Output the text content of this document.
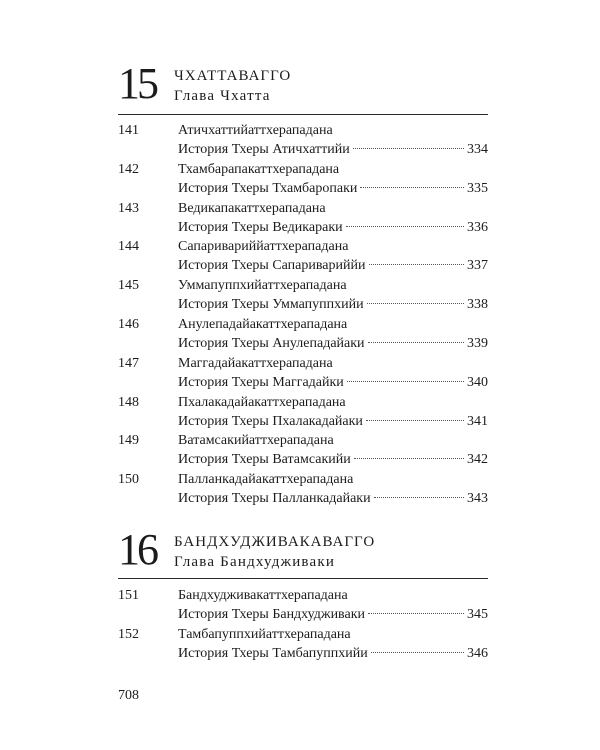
15 ЧХАТТАВАГГО
Глава Чхатта
141	Атичхаттийаттхерападана
История Тхеры Атичхаттийи	334
142	Тхамбарапакаттхерападана
История Тхеры Тхамбаропаки	335
143	Ведикапакаттхерападана
История Тхеры Ведикараки	336
144	Сапаривариййаттхерападана
История Тхеры Сапаривариййи	337
145	Уммапуппхийаттхерападана
История Тхеры Уммапуппхийи	338
146	Анулепадайакаттхерападана
История Тхеры Анулепадайаки	339
147	Маггадайакаттхерападана
История Тхеры Маггадайки	340
148	Пхалакадайакаттхерападана
История Тхеры Пхалакадайаки	341
149	Ватамсакийаттхерападана
История Тхеры Ватамсакийи	342
150	Палланкадайакаттхерападана
История Тхеры Палланкадайаки	343
16 БАНДХУДЖИВАКАВАГГО
Глава Бандхудживаки
151	Бандхудживакаттхерападана
История Тхеры Бандхудживаки	345
152	Тамбапуппхийаттхерападана
История Тхеры Тамбапуппхийи	346
708
